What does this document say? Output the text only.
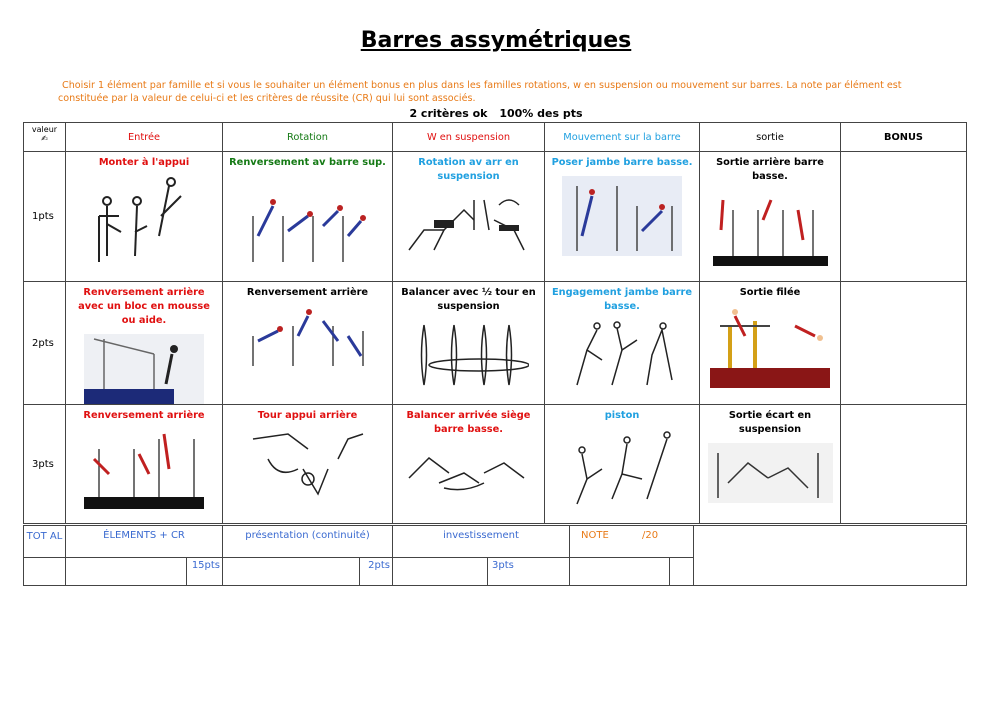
Barres assymétriques
Choisir 1 élément par famille et si vous le souhaiter un élément bonus en plus dans les familles rotations, w en suspension ou mouvement sur barres. La note par élément est
constituée par la valeur de celui-ci et les critères de réussite (CR) qui lui sont associés.
2 critères ok 100% des pts
valeur
✍	Entrée	Rotation	W en suspension	Mouvement sur la barre	sortie	BONUS
1pts	Monter à l'appui	Renversement av barre sup.	Rotation av arr en suspension	Poser jambe barre basse.	Sortie arrière barre basse.	

2pts	Renversement arrière avec un bloc en mousse ou aide.	Renversement arrière	Balancer avec ½ tour en suspension	Engagement jambe barre basse.	Sortie filée	

3pts	Renversement arrière	Tour appui arrière	Balancer arrivée siège barre basse.	piston	Sortie écart en suspension	

TOT AL	ÉLEMENTS + CR		présentation (continuité)		investissement		NOTE /20		
		15pts		2pts		3pts			
